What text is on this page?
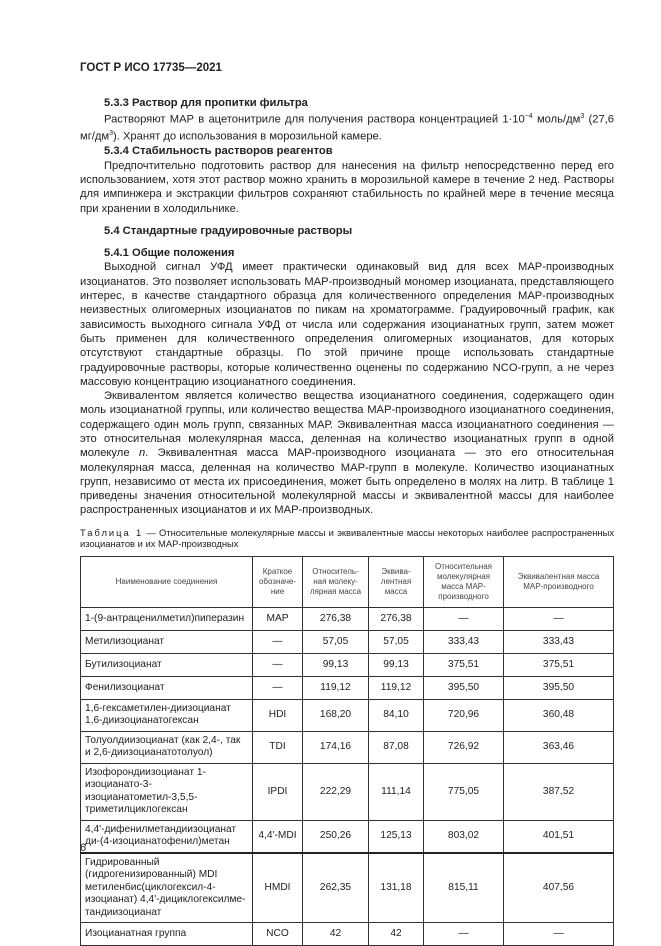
ГОСТ Р ИСО 17735—2021
5.3.3 Раствор для пропитки фильтра

Растворяют МАР в ацетонитриле для получения раствора концентрацией $1\cdot 10^{-4}$ моль/$дм^3$ (27,6 $мг/дм^3$). Хранят до использования в морозильной камере.

5.3.4 Стабильность растворов реагентов

Предпочтительно подготовить раствор для нанесения на фильтр непосредственно перед его использованием, хотя этот раствор можно хранить в морозильной камере в течение 2 нед. Растворы для импинжера и экстракции фильтров сохраняют стабильность по крайней мере в течение месяца при хранении в холодильнике.

5.4 Стандартные градуировочные растворы
5.4.1 Общие положения

Выходной сигнал УФД имеет практически одинаковый вид для всех МАР-производных изоцианатов. Это позволяет использовать МАР-производный мономер изоцианата, представляющего интерес, в качестве стандартного образца для количественного определения МАР-производных неизвестных олигомерных изоцианатов по пикам на хроматограмме. Градуировочный график, как зависимость выходного сигнала УФД от числа или содержания изоцианатных групп, затем может быть применен для количественного определения олигомерных изоцианатов, для которых отсутствуют стандартные образцы. По этой причине проще использовать стандартные градуировочные растворы, которые количественно оценены по содержанию NCO-групп, а не через массовую концентрацию изоцианатного соединения.

Эквивалентом является количество вещества изоцианатного соединения, содержащего один моль изоцианатной группы, или количество вещества МАР-производного изоцианатного соединения, содержащего один моль групп, связанных МАР. Эквивалентная масса изоцианатного соединения — это относительная молекулярная масса, деленная на количество изоцианатных групп в одной молекуле n. Эквивалентная масса МАР-производного изоцианата — это его относительная молекулярная масса, деленная на количество МАР-групп в молекуле. Количество изоцианатных групп, независимо от места их присоединения, может быть определено в молях на литр. В таблице 1 приведены значения относительной молекулярной массы и эквивалентной массы для наиболее распространенных изоцианатов и их МАР-производных.

Таблица 1 — Относительные молекулярные массы и эквивалентные массы некоторых наиболее распространенных изоцианатов и их МАР-производных
Наименование соединения	Краткое обозначе-ние	Относитель-ная молеку-лярная масса	Эквива-лентная масса	Относительная молекулярная масса МАР-производного	Эквивалентная масса МАР-производного
1-(9-антраценилметил)пиперазин	MAP	276,38	276,38	—	—
Метилизоцианат	—	57,05	57,05	333,43	333,43
Бутилизоцианат	—	99,13	99,13	375,51	375,51
Фенилизоцианат	—	119,12	119,12	395,50	395,50
1,6-гексаметилен-диизоцианат 1,6-диизоцианатогексан	HDI	168,20	84,10	720,96	360,48
Толуолдиизоцианат (как 2,4-, так и 2,6-диизоцианатотолуол)	TDI	174,16	87,08	726,92	363,46
Изофорондиизоцианат 1-изоцианато-3-изоцианатометил-3,5,5-триметилциклогексан	IPDI	222,29	111,14	775,05	387,52
4,4'-дифенилметандиизоцианат ди-(4-изоцианатофенил)метан	4,4'-MDI	250,26	125,13	803,02	401,51
Гидрированный (гидрогенизированный) MDI метиленбис(циклогексил-4-изоцианат) 4,4'-дициклогексилме-тандиизоцианат	HMDI	262,35	131,18	815,11	407,56
Изоцианатная группа	NCO	42	42	—	—
6
